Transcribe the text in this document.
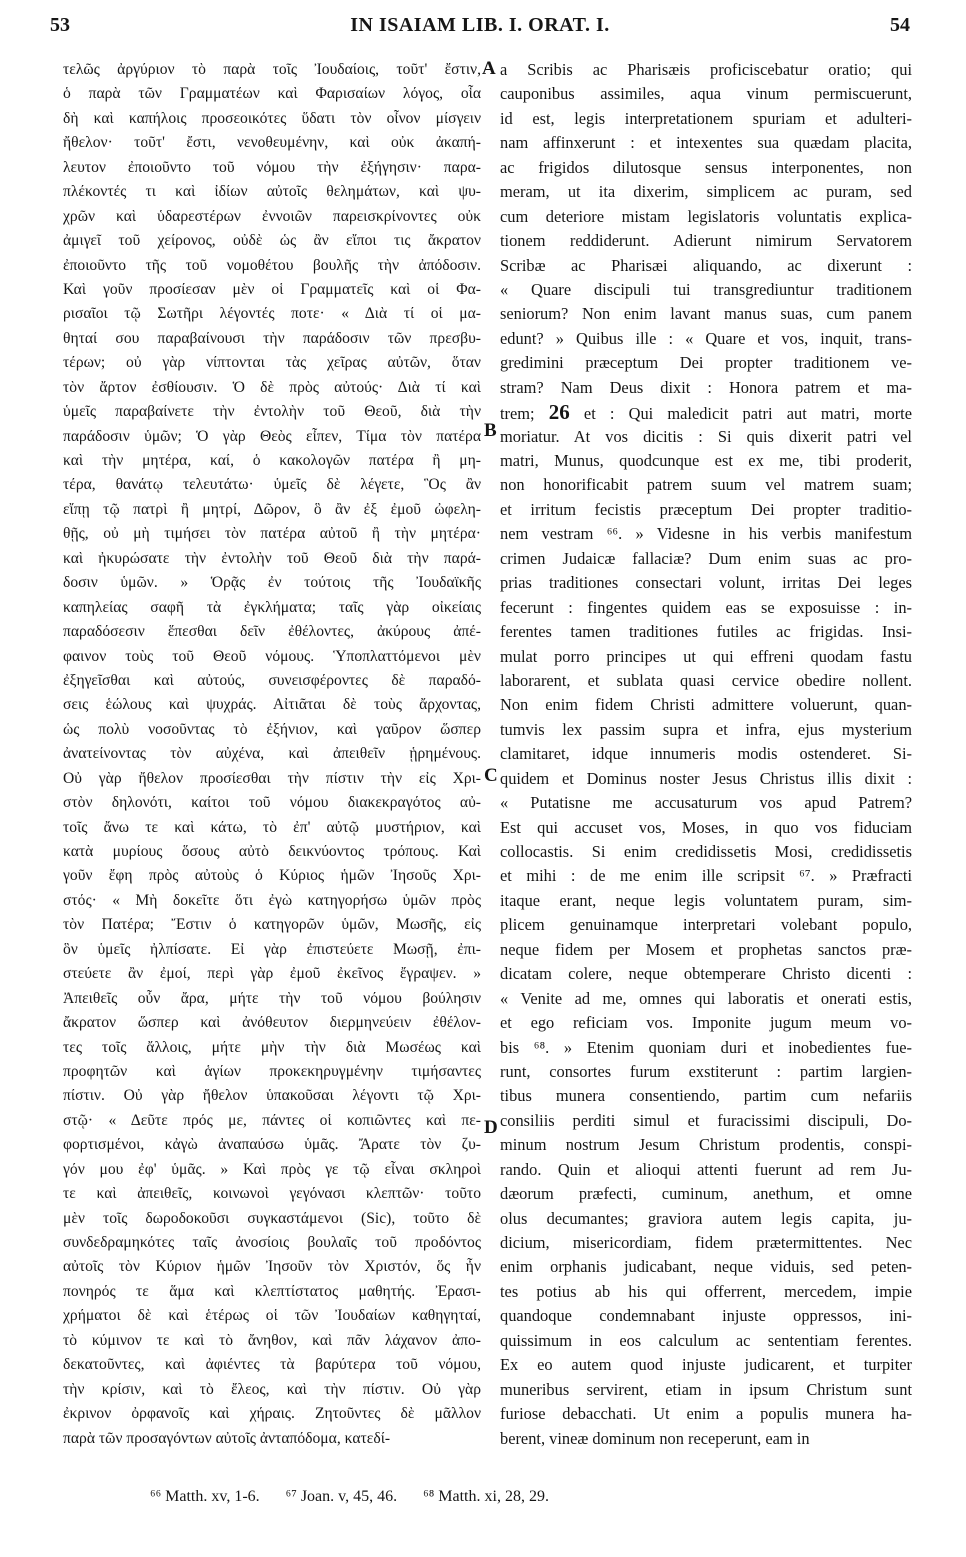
53	IN ISAIAM LIB. I. ORAT. I.	54
τελῶς ἀργύριον τὸ παρὰ τοῖς Ἰουδαίοις, τοῦτ' ἔστιν,
ὁ παρὰ τῶν Γραμματέων καὶ Φαρισαίων λόγος, οἷα
δὴ καὶ καπήλοις προσεοικότες ὕδατι τὸν οἶνον μίσγειν
ἤθελον· τοῦτ' ἔστι, νενοθευμένην, καὶ οὐκ ἀκαπή-
λευτον ἐποιοῦντο τοῦ νόμου τὴν ἐξήγησιν· παρα-
πλέκοντές τι καὶ ἰδίων αὐτοῖς θελημάτων, καὶ ψυ-
χρῶν καὶ ὑδαρεστέρων ἐννοιῶν παρεισκρίνοντες οὐκ
ἀμιγεῖ τοῦ χείρονος, οὐδὲ ὡς ἂν εἴποι τις ἄκρατον
ἐποιοῦντο τῆς τοῦ νομοθέτου βουλῆς τὴν ἀπόδοσιν.
Καὶ γοῦν προσίεσαν μὲν οἱ Γραμματεῖς καὶ οἱ Φα-
ρισαῖοι τῷ Σωτῆρι λέγοντές ποτε· « Διὰ τί οἱ μα-
θηταί σου παραβαίνουσι τὴν παράδοσιν τῶν πρεσβυ-
τέρων; οὐ γὰρ νίπτονται τὰς χεῖρας αὐτῶν, ὅταν
τὸν ἄρτον ἐσθίουσιν. Ὁ δὲ πρὸς αὐτούς· Διὰ τί καὶ
ὑμεῖς παραβαίνετε τὴν ἐντολὴν τοῦ Θεοῦ, διὰ τὴν
παράδοσιν ὑμῶν; Ὁ γὰρ Θεὸς εἶπεν, Τίμα τὸν πατέρα
καὶ τὴν μητέρα, καί, ὁ κακολογῶν πατέρα ἢ μη-
τέρα, θανάτῳ τελευτάτω· ὑμεῖς δὲ λέγετε, Ὃς ἂν
εἴπῃ τῷ πατρὶ ἢ μητρί, Δῶρον, ὃ ἂν ἐξ ἐμοῦ ὠφελη-
θῇς, οὐ μὴ τιμήσει τὸν πατέρα αὐτοῦ ἢ τὴν μητέρα·
καὶ ἠκυρώσατε τὴν ἐντολὴν τοῦ Θεοῦ διὰ τὴν παρά-
δοσιν ὑμῶν. » Ὁρᾷς ἐν τούτοις τῆς Ἰουδαϊκῆς
καπηλείας σαφῆ τὰ ἐγκλήματα; ταῖς γὰρ οἰκείαις
παραδόσεσιν ἕπεσθαι δεῖν ἐθέλοντες, ἀκύρους ἀπέ-
φαινον τοὺς τοῦ Θεοῦ νόμους. Ὑποπλαττόμενοι μὲν
ἐξηγεῖσθαι καὶ αὐτούς, συνεισφέροντες δὲ παραδό-
σεις ἑώλους καὶ ψυχράς. Αἰτιᾶται δὲ τοὺς ἄρχοντας,
ὡς πολὺ νοσοῦντας τὸ ἐξήνιον, καὶ γαῦρον ὥσπερ
ἀνατείνοντας τὸν αὐχένα, καὶ ἀπειθεῖν ᾑρημένους.
Οὐ γὰρ ἤθελον προσίεσθαι τὴν πίστιν τὴν εἰς Χρι-
στὸν δηλονότι, καίτοι τοῦ νόμου διακεκραγότος αὐ-
τοῖς ἄνω τε καὶ κάτω, τὸ ἐπ' αὐτῷ μυστήριον, καὶ
κατὰ μυρίους ὅσους αὐτὸ δεικνύοντος τρόπους. Καὶ
γοῦν ἔφη πρὸς αὐτοὺς ὁ Κύριος ἡμῶν Ἰησοῦς Χρι-
στός· « Μὴ δοκεῖτε ὅτι ἐγὼ κατηγορήσω ὑμῶν πρὸς
τὸν Πατέρα; Ἔστιν ὁ κατηγορῶν ὑμῶν, Μωσῆς, εἰς
ὃν ὑμεῖς ἠλπίσατε. Εἰ γὰρ ἐπιστεύετε Μωσῇ, ἐπι-
στεύετε ἂν ἐμοί, περὶ γὰρ ἐμοῦ ἐκεῖνος ἔγραψεν. »
Ἀπειθεῖς οὖν ἄρα, μήτε τὴν τοῦ νόμου βούλησιν
ἄκρατον ὥσπερ καὶ ἀνόθευτον διερμηνεύειν ἐθέλον-
τες τοῖς ἄλλοις, μήτε μὴν τὴν διὰ Μωσέως καὶ
προφητῶν καὶ ἁγίων προκεκηρυγμένην τιμήσαντες
πίστιν. Οὐ γὰρ ἤθελον ὑπακοῦσαι λέγοντι τῷ Χρι-
στῷ· « Δεῦτε πρός με, πάντες οἱ κοπιῶντες καὶ πε-
φορτισμένοι, κἀγὼ ἀναπαύσω ὑμᾶς. Ἄρατε τὸν ζυ-
γόν μου ἐφ' ὑμᾶς. » Καὶ πρὸς γε τῷ εἶναι σκληροὶ
τε καὶ ἀπειθεῖς, κοινωνοὶ γεγόνασι κλεπτῶν· τοῦτο
μὲν τοῖς δωροδοκοῦσι συγκαστάμενοι (Sic), τοῦτο δὲ
συνδεδραμηκότες ταῖς ἀνοσίοις βουλαῖς τοῦ προδόντος
αὐτοῖς τὸν Κύριον ἡμῶν Ἰησοῦν τὸν Χριστόν, ὅς ἦν
πονηρός τε ἅμα καὶ κλεπτίστατος μαθητής. Ἐρασι-
χρήματοι δὲ καὶ ἑτέρως οἱ τῶν Ἰουδαίων καθηγηταί,
τὸ κύμινον τε καὶ τὸ ἄνηθον, καὶ πᾶν λάχανον ἀπο-
δεκατοῦντες, καὶ ἀφιέντες τὰ βαρύτερα τοῦ νόμου,
τὴν κρίσιν, καὶ τὸ ἔλεος, καὶ τὴν πίστιν. Οὐ γὰρ
ἐκρινον ὀρφανοῖς καὶ χήραις. Ζητοῦντες δὲ μᾶλλον
παρὰ τῶν προσαγόντων αὐτοῖς ἀνταπόδομα, κατεδί-
a Scribis ac Pharisæis proficiscebatur oratio; qui
cauponibus assimiles, aqua vinum permiscuerunt,
id est, legis interpretationem spuriam et adulteri-
nam affinxerunt : et intexentes sua quædam placita,
ac frigidos dilutosque sensus interponentes, non
meram, ut ita dixerim, simplicem ac puram, sed
cum deteriore mistam legislatoris voluntatis explica-
tionem reddiderunt. Adierunt nimirum Servatorem
Scribæ ac Pharisæi aliquando, ac dixerunt :
« Quare discipuli tui transgrediuntur traditionem
seniorum? Non enim lavant manus suas, cum panem
edunt? » Quibus ille : « Quare et vos, inquit, trans-
gredimini præceptum Dei propter traditionem ve-
stram? Nam Deus dixit : Honora patrem et ma-
trem; 26 et : Qui maledicit patri aut matri, morte
moriatur. At vos dicitis : Si quis dixerit patri vel
matri, Munus, quodcunque est ex me, tibi proderit,
non honorificabit patrem suum vel matrem suam;
et irritum fecistis præceptum Dei propter traditio-
nem vestram ⁶⁶. » Videsne in his verbis manifestum
crimen Judaicæ fallaciæ? Dum enim suas ac pro-
prias traditiones consectari volunt, irritas Dei leges
fecerunt : fingentes quidem eas se exposuisse : in-
ferentes tamen traditiones futiles ac frigidas. Insi-
mulat porro principes ut qui effreni quodam fastu
laborarent, et sublata quasi cervice obedire nollent.
Non enim fidem Christi admittere voluerunt, quan-
tumvis lex passim supra et infra, ejus mysterium
clamitaret, idque innumeris modis ostenderet. Si-
quidem et Dominus noster Jesus Christus illis dixit :
« Putatisne me accusaturum vos apud Patrem?
Est qui accuset vos, Moses, in quo vos fiduciam
collocastis. Si enim credidissetis Mosi, credidissetis
et mihi : de me enim ille scripsit ⁶⁷. » Præfracti
itaque erant, neque legis voluntatem puram, sim-
plicem genuinamque interpretari volebant populo,
neque fidem per Mosem et prophetas sanctos præ-
dicatam colere, neque obtemperare Christo dicenti :
« Venite ad me, omnes qui laboratis et onerati estis,
et ego reficiam vos. Imponite jugum meum vo-
bis ⁶⁸. » Etenim quoniam duri et inobedientes fue-
runt, consortes furum exstiterunt : partim largien-
tibus munera consentiendo, partim cum nefariis
consiliis perditi simul et furacissimi discipuli, Do-
minum nostrum Jesum Christum prodentis, conspi-
rando. Quin et alioqui attenti fuerunt ad rem Ju-
dæorum præfecti, cuminum, anethum, et omne
olus decumantes; graviora autem legis capita, ju-
dicium, misericordiam, fidem prætermittentes. Nec
enim orphanis judicabant, neque viduis, sed peten-
tes potius ab his qui offerrent, mercedem, impie
quandoque condemnabant injuste oppressos, ini-
quissimum in eos calculum ac sententiam ferentes.
Ex eo autem quod injuste judicarent, et turpiter
muneribus servirent, etiam in ipsum Christum sunt
furiose debacchati. Ut enim a populis munera ha-
berent, vineæ dominum non receperunt, eam in
A
B
C
D
⁶⁶ Matth. xv, 1-6. ⁶⁷ Joan. v, 45, 46. ⁶⁸ Matth. xi, 28, 29.
